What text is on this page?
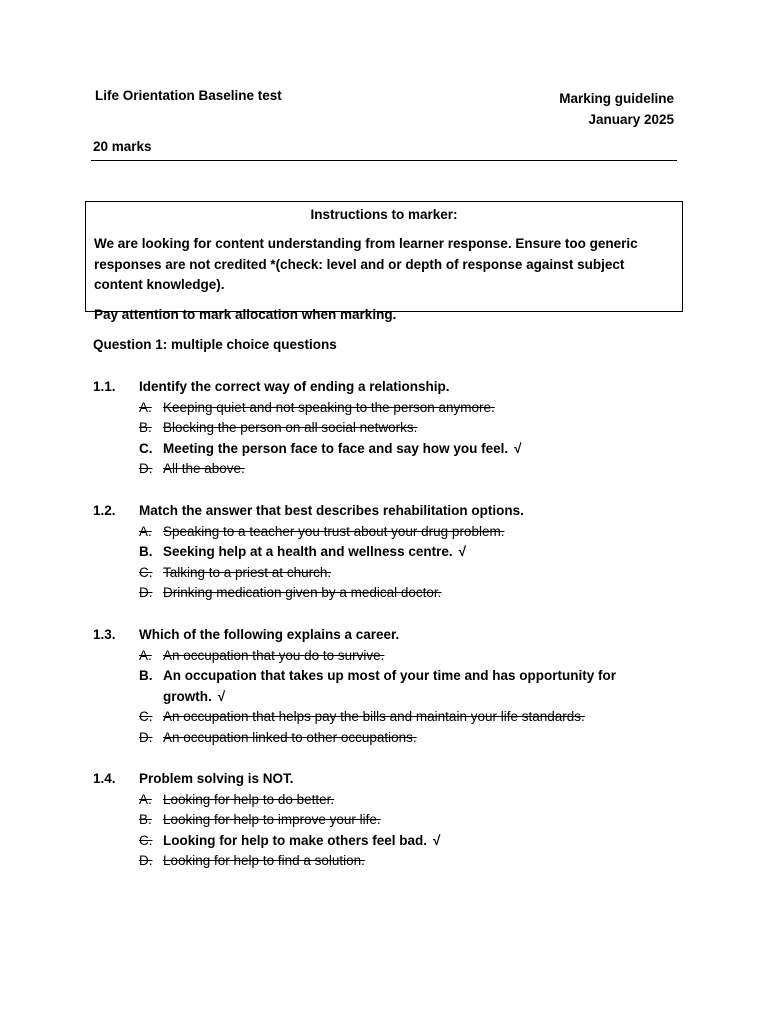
Life Orientation Baseline test	Marking guideline
January 2025
20 marks
Instructions to marker:
We are looking for content understanding from learner response. Ensure too generic responses are not credited *(check: level and or depth of response against subject content knowledge).
Pay attention to mark allocation when marking.
Question 1: multiple choice questions
1.1. Identify the correct way of ending a relationship.
A. Keeping quiet and not speaking to the person anymore.
B. Blocking the person on all social networks.
C. Meeting the person face to face and say how you feel. √
D. All the above.
1.2. Match the answer that best describes rehabilitation options.
A. Speaking to a teacher you trust about your drug problem.
B. Seeking help at a health and wellness centre. √
C. Talking to a priest at church.
D. Drinking medication given by a medical doctor.
1.3. Which of the following explains a career.
A. An occupation that you do to survive.
B. An occupation that takes up most of your time and has opportunity for growth. √
C. An occupation that helps pay the bills and maintain your life standards.
D. An occupation linked to other occupations.
1.4. Problem solving is NOT.
A. Looking for help to do better.
B. Looking for help to improve your life.
C. Looking for help to make others feel bad. √
D. Looking for help to find a solution.
